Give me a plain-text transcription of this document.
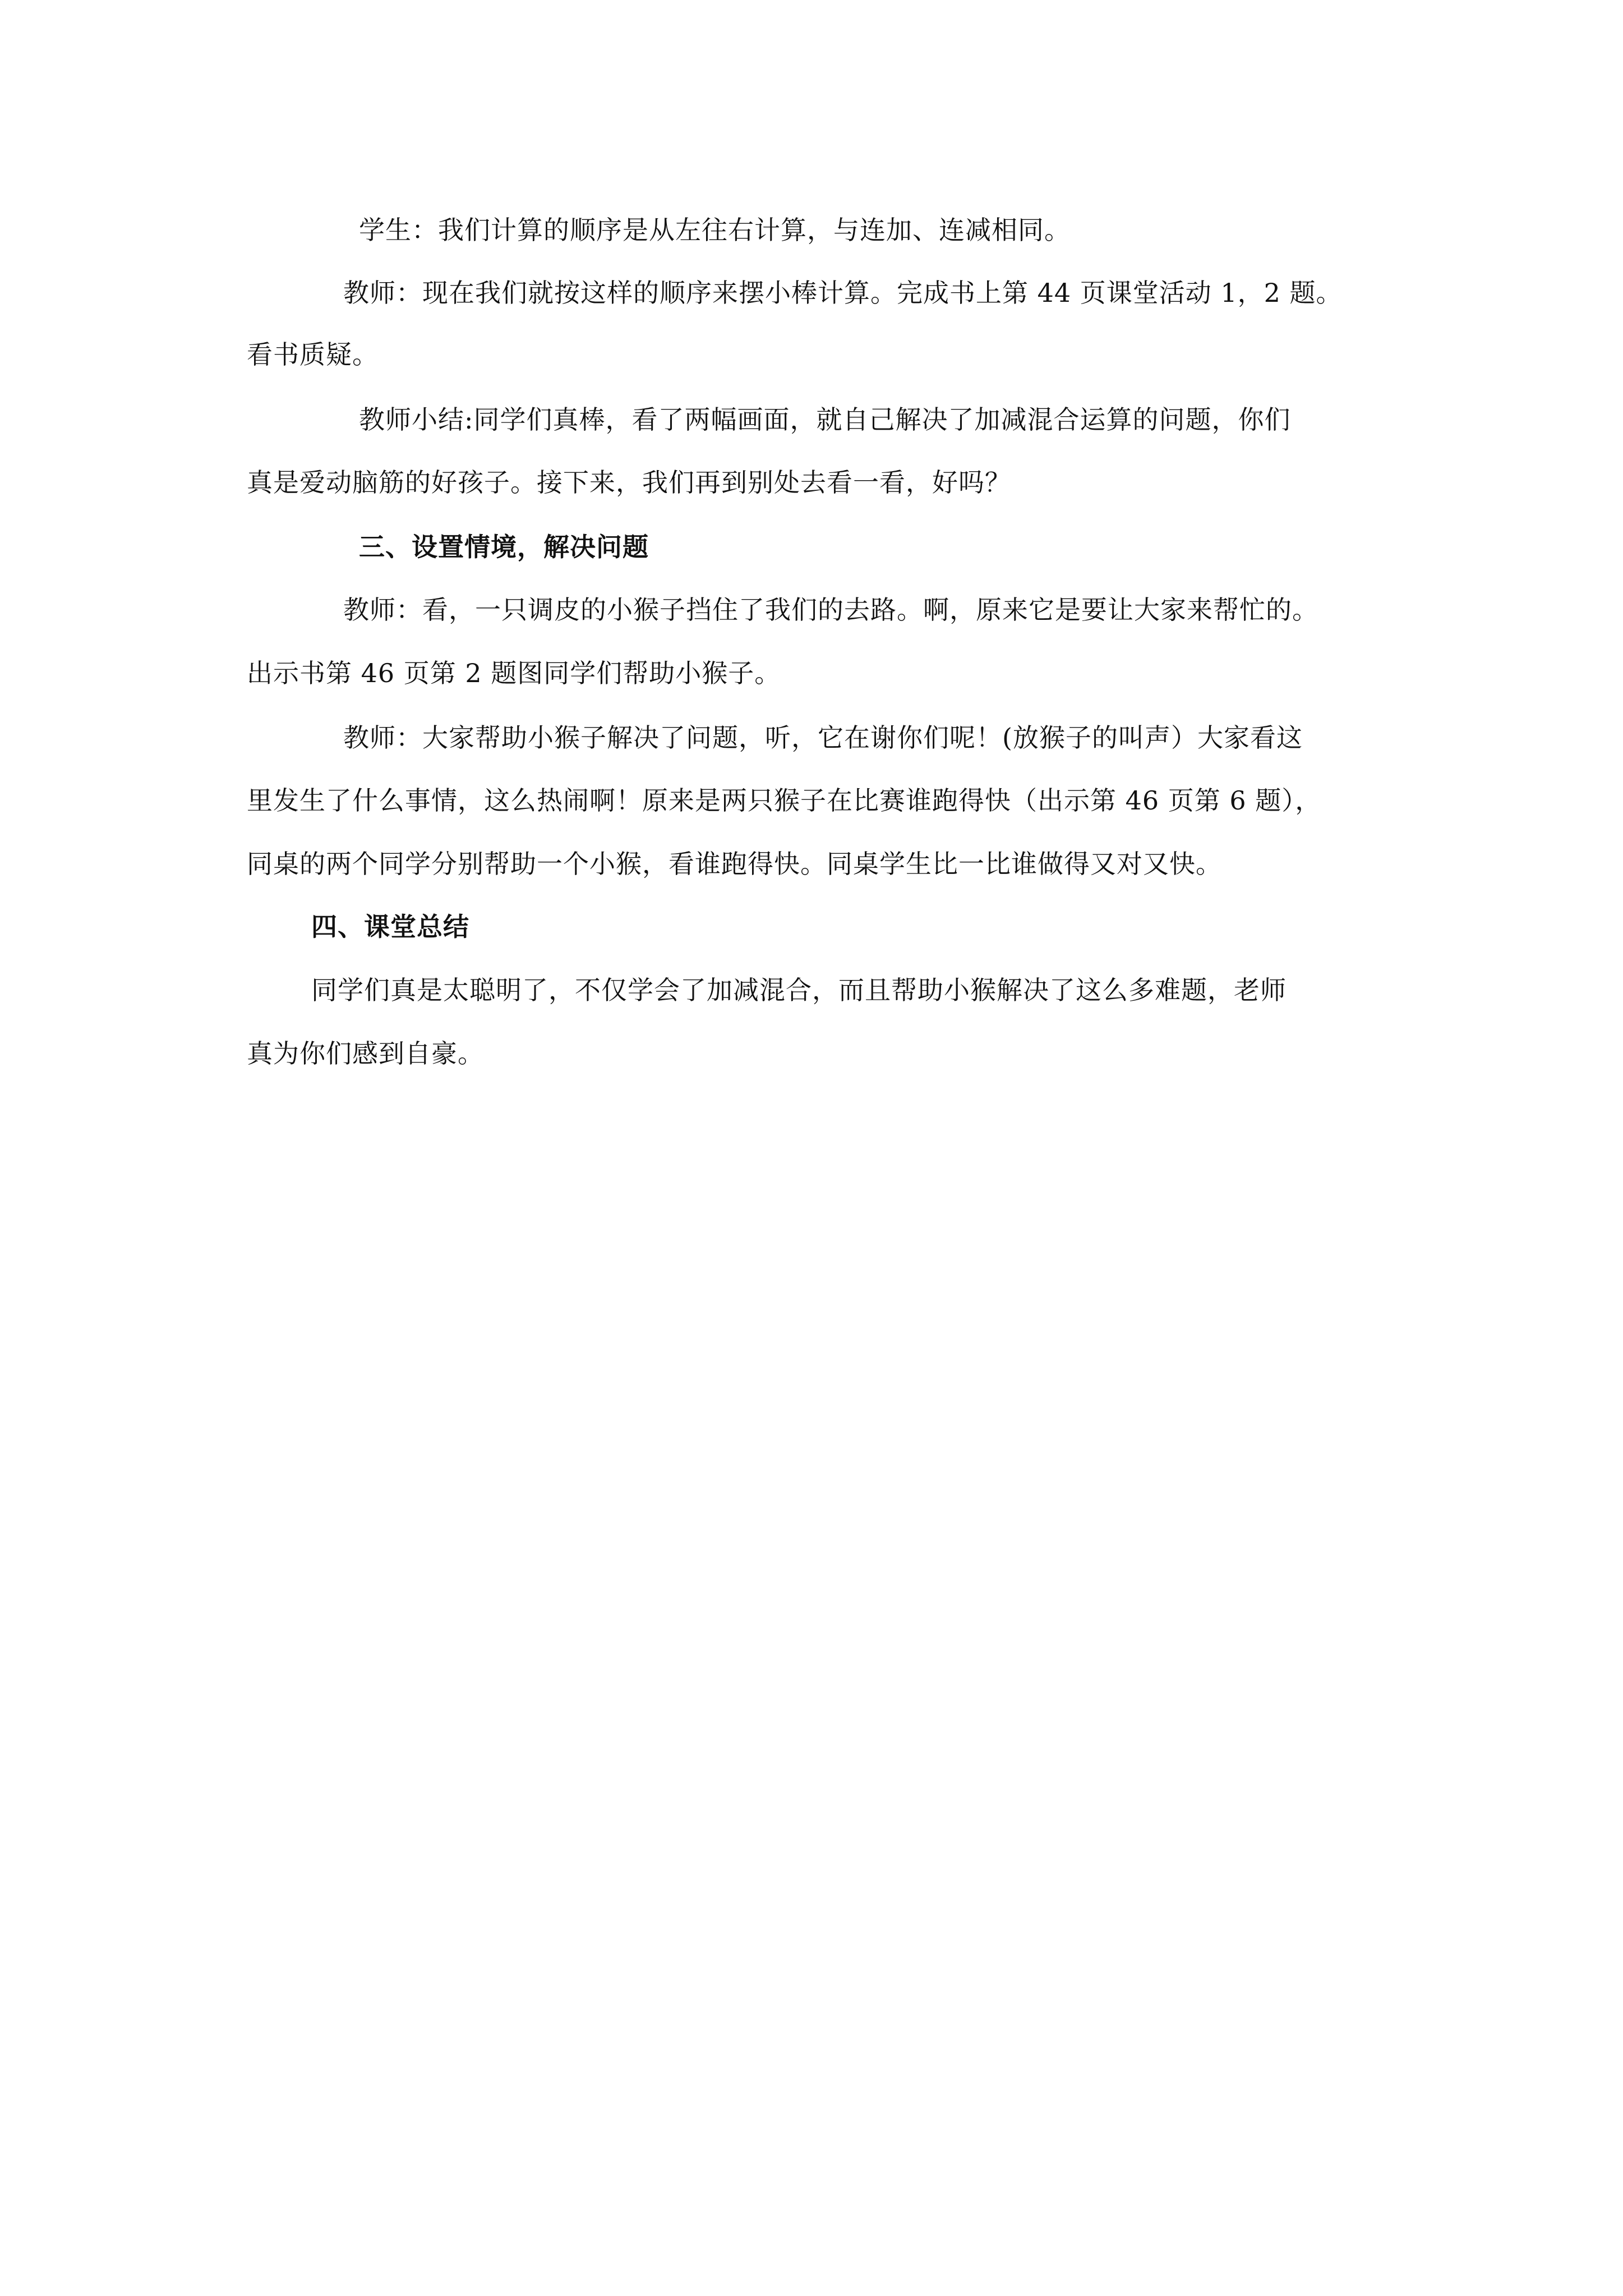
学生：我们计算的顺序是从左往右计算，与连加、连减相同。

教师：现在我们就按这样的顺序来摆小棒计算。完成书上第 44 页课堂活动 1，2 题。

看书质疑。

教师小结:同学们真棒，看了两幅画面，就自己解决了加减混合运算的问题，你们

真是爱动脑筋的好孩子。接下来，我们再到别处去看一看，好吗？

三、设置情境，解决问题

教师：看，一只调皮的小猴子挡住了我们的去路。啊，原来它是要让大家来帮忙的。

出示书第 46 页第 2 题图同学们帮助小猴子。

教师：大家帮助小猴子解决了问题，听，它在谢你们呢！(放猴子的叫声）大家看这

里发生了什么事情，这么热闹啊！原来是两只猴子在比赛谁跑得快（出示第 46 页第 6 题），

同桌的两个同学分别帮助一个小猴，看谁跑得快。同桌学生比一比谁做得又对又快。

四、课堂总结

同学们真是太聪明了，不仅学会了加减混合，而且帮助小猴解决了这么多难题，老师

真为你们感到自豪。
